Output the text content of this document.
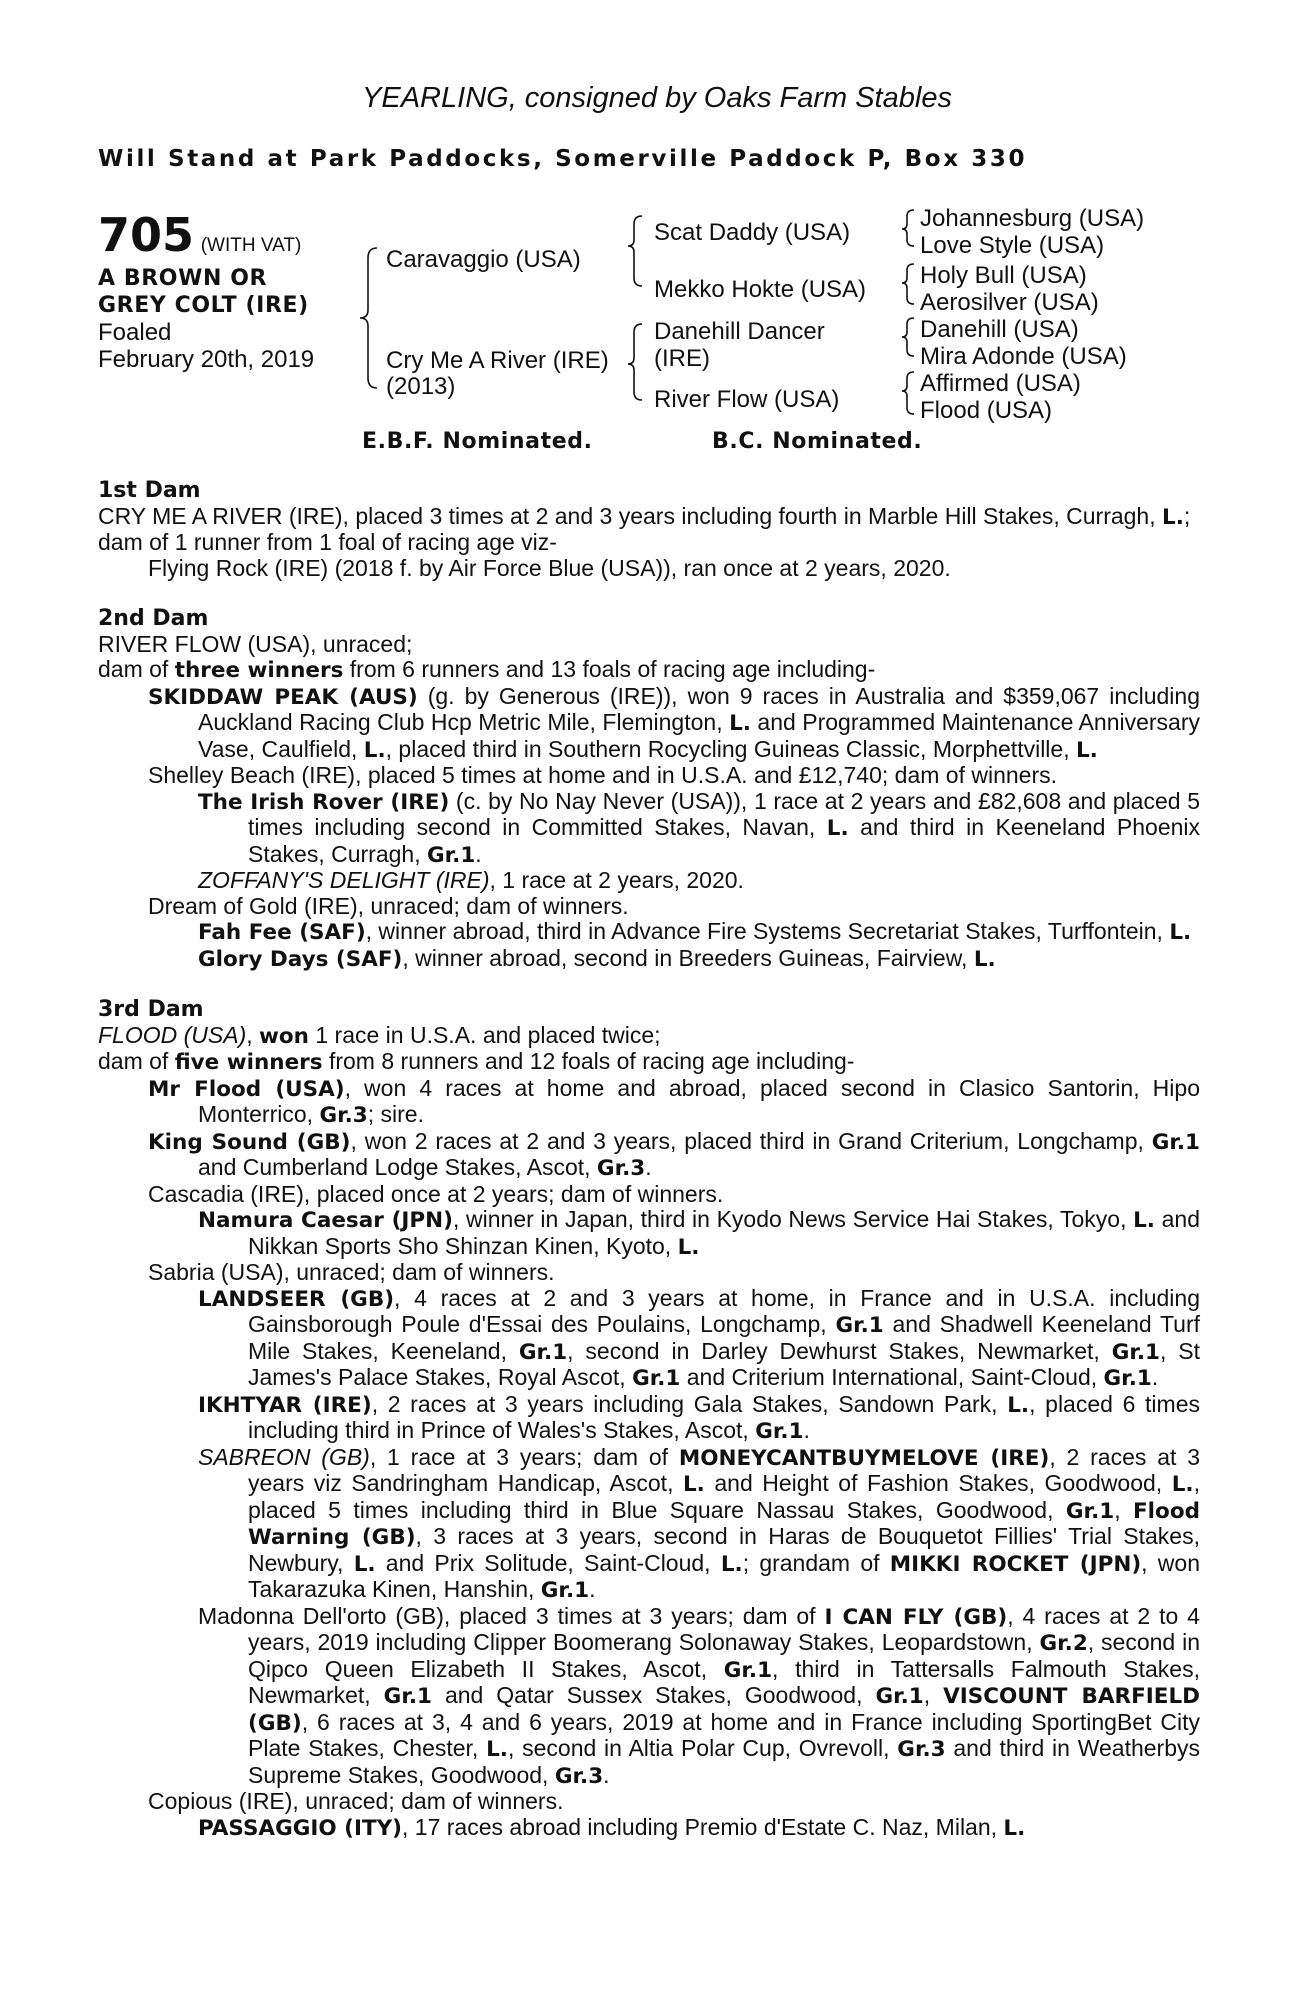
YEARLING, consigned by Oaks Farm Stables
Will Stand at Park Paddocks, Somerville Paddock P, Box 330
705 (WITH VAT)
A BROWN OR
GREY COLT (IRE)
Foaled
February 20th, 2019
Caravaggio (USA)
Cry Me A River (IRE)
(2013)
Scat Daddy (USA)
Mekko Hokte (USA)
Danehill Dancer
(IRE)
River Flow (USA)
Johannesburg (USA)
Love Style (USA)
Holy Bull (USA)
Aerosilver (USA)
Danehill (USA)
Mira Adonde (USA)
Affirmed (USA)
Flood (USA)
E.B.F. Nominated.	B.C. Nominated.

1st Dam

CRY ME A RIVER (IRE), placed 3 times at 2 and 3 years including fourth in Marble Hill Stakes, Curragh, L.;

dam of 1 runner from 1 foal of racing age viz-

Flying Rock (IRE) (2018 f. by Air Force Blue (USA)), ran once at 2 years, 2020.

2nd Dam

RIVER FLOW (USA), unraced;

dam of three winners from 6 runners and 13 foals of racing age including-

SKIDDAW PEAK (AUS) (g. by Generous (IRE)), won 9 races in Australia and $359,067 including Auckland Racing Club Hcp Metric Mile, Flemington, L. and Programmed Maintenance Anniversary Vase, Caulfield, L., placed third in Southern Rocycling Guineas Classic, Morphettville, L.

Shelley Beach (IRE), placed 5 times at home and in U.S.A. and £12,740; dam of winners.

The Irish Rover (IRE) (c. by No Nay Never (USA)), 1 race at 2 years and £82,608 and placed 5 times including second in Committed Stakes, Navan, L. and third in Keeneland Phoenix Stakes, Curragh, Gr.1.

ZOFFANY'S DELIGHT (IRE), 1 race at 2 years, 2020.

Dream of Gold (IRE), unraced; dam of winners.

Fah Fee (SAF), winner abroad, third in Advance Fire Systems Secretariat Stakes, Turffontein, L.

Glory Days (SAF), winner abroad, second in Breeders Guineas, Fairview, L.

3rd Dam

FLOOD (USA), won 1 race in U.S.A. and placed twice;

dam of five winners from 8 runners and 12 foals of racing age including-

Mr Flood (USA), won 4 races at home and abroad, placed second in Clasico Santorin, Hipo Monterrico, Gr.3; sire.

King Sound (GB), won 2 races at 2 and 3 years, placed third in Grand Criterium, Longchamp, Gr.1 and Cumberland Lodge Stakes, Ascot, Gr.3.

Cascadia (IRE), placed once at 2 years; dam of winners.

Namura Caesar (JPN), winner in Japan, third in Kyodo News Service Hai Stakes, Tokyo, L. and Nikkan Sports Sho Shinzan Kinen, Kyoto, L.

Sabria (USA), unraced; dam of winners.

LANDSEER (GB), 4 races at 2 and 3 years at home, in France and in U.S.A. including Gainsborough Poule d'Essai des Poulains, Longchamp, Gr.1 and Shadwell Keeneland Turf Mile Stakes, Keeneland, Gr.1, second in Darley Dewhurst Stakes, Newmarket, Gr.1, St James's Palace Stakes, Royal Ascot, Gr.1 and Criterium International, Saint-Cloud, Gr.1.

IKHTYAR (IRE), 2 races at 3 years including Gala Stakes, Sandown Park, L., placed 6 times including third in Prince of Wales's Stakes, Ascot, Gr.1.

SABREON (GB), 1 race at 3 years; dam of MONEYCANTBUYMELOVE (IRE), 2 races at 3 years viz Sandringham Handicap, Ascot, L. and Height of Fashion Stakes, Goodwood, L., placed 5 times including third in Blue Square Nassau Stakes, Goodwood, Gr.1, Flood Warning (GB), 3 races at 3 years, second in Haras de Bouquetot Fillies' Trial Stakes, Newbury, L. and Prix Solitude, Saint-Cloud, L.; grandam of MIKKI ROCKET (JPN), won Takarazuka Kinen, Hanshin, Gr.1.

Madonna Dell'orto (GB), placed 3 times at 3 years; dam of I CAN FLY (GB), 4 races at 2 to 4 years, 2019 including Clipper Boomerang Solonaway Stakes, Leopardstown, Gr.2, second in Qipco Queen Elizabeth II Stakes, Ascot, Gr.1, third in Tattersalls Falmouth Stakes, Newmarket, Gr.1 and Qatar Sussex Stakes, Goodwood, Gr.1, VISCOUNT BARFIELD (GB), 6 races at 3, 4 and 6 years, 2019 at home and in France including SportingBet City Plate Stakes, Chester, L., second in Altia Polar Cup, Ovrevoll, Gr.3 and third in Weatherbys Supreme Stakes, Goodwood, Gr.3.

Copious (IRE), unraced; dam of winners.

PASSAGGIO (ITY), 17 races abroad including Premio d'Estate C. Naz, Milan, L.
